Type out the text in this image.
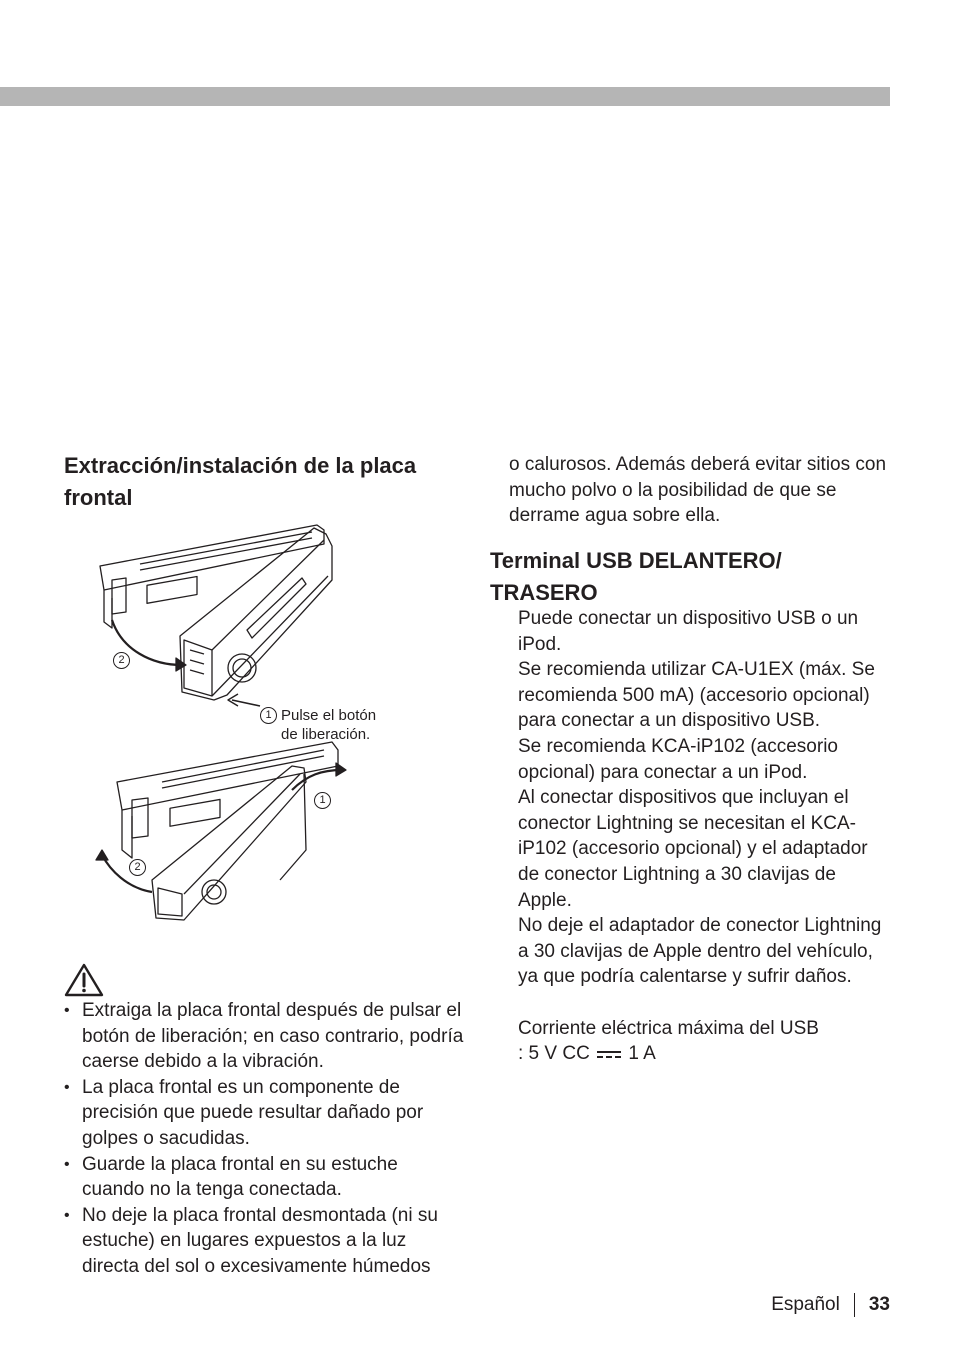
Extracción/instalación de la placa frontal
2
1 Pulse el botón
de liberación.
1
2
• Extraiga la placa frontal después de pulsar el botón de liberación; en caso contrario, podría caerse debido a la vibración.
• La placa frontal es un componente de precisión que puede resultar dañado por golpes o sacudidas.
• Guarde la placa frontal en su estuche cuando no la tenga conectada.
• No deje la placa frontal desmontada (ni su estuche) en lugares expuestos a la luz directa del sol o excesivamente húmedos

o calurosos. Además deberá evitar sitios con mucho polvo o la posibilidad de que se derrame agua sobre ella.

Terminal USB DELANTERO/ TRASERO

Puede conectar un dispositivo USB o un iPod.

Se recomienda utilizar CA-U1EX (máx. Se recomienda 500 mA) (accesorio opcional) para conectar a un dispositivo USB.

Se recomienda KCA-iP102 (accesorio opcional) para conectar a un iPod.

Al conectar dispositivos que incluyan el conector Lightning se necesitan el KCA-iP102 (accesorio opcional) y el adaptador de conector Lightning a 30 clavijas de Apple.

No deje el adaptador de conector Lightning a 30 clavijas de Apple dentro del vehículo, ya que podría calentarse y sufrir daños.

Corriente eléctrica máxima del USB

: 5 V CC 1 A

Español	33
